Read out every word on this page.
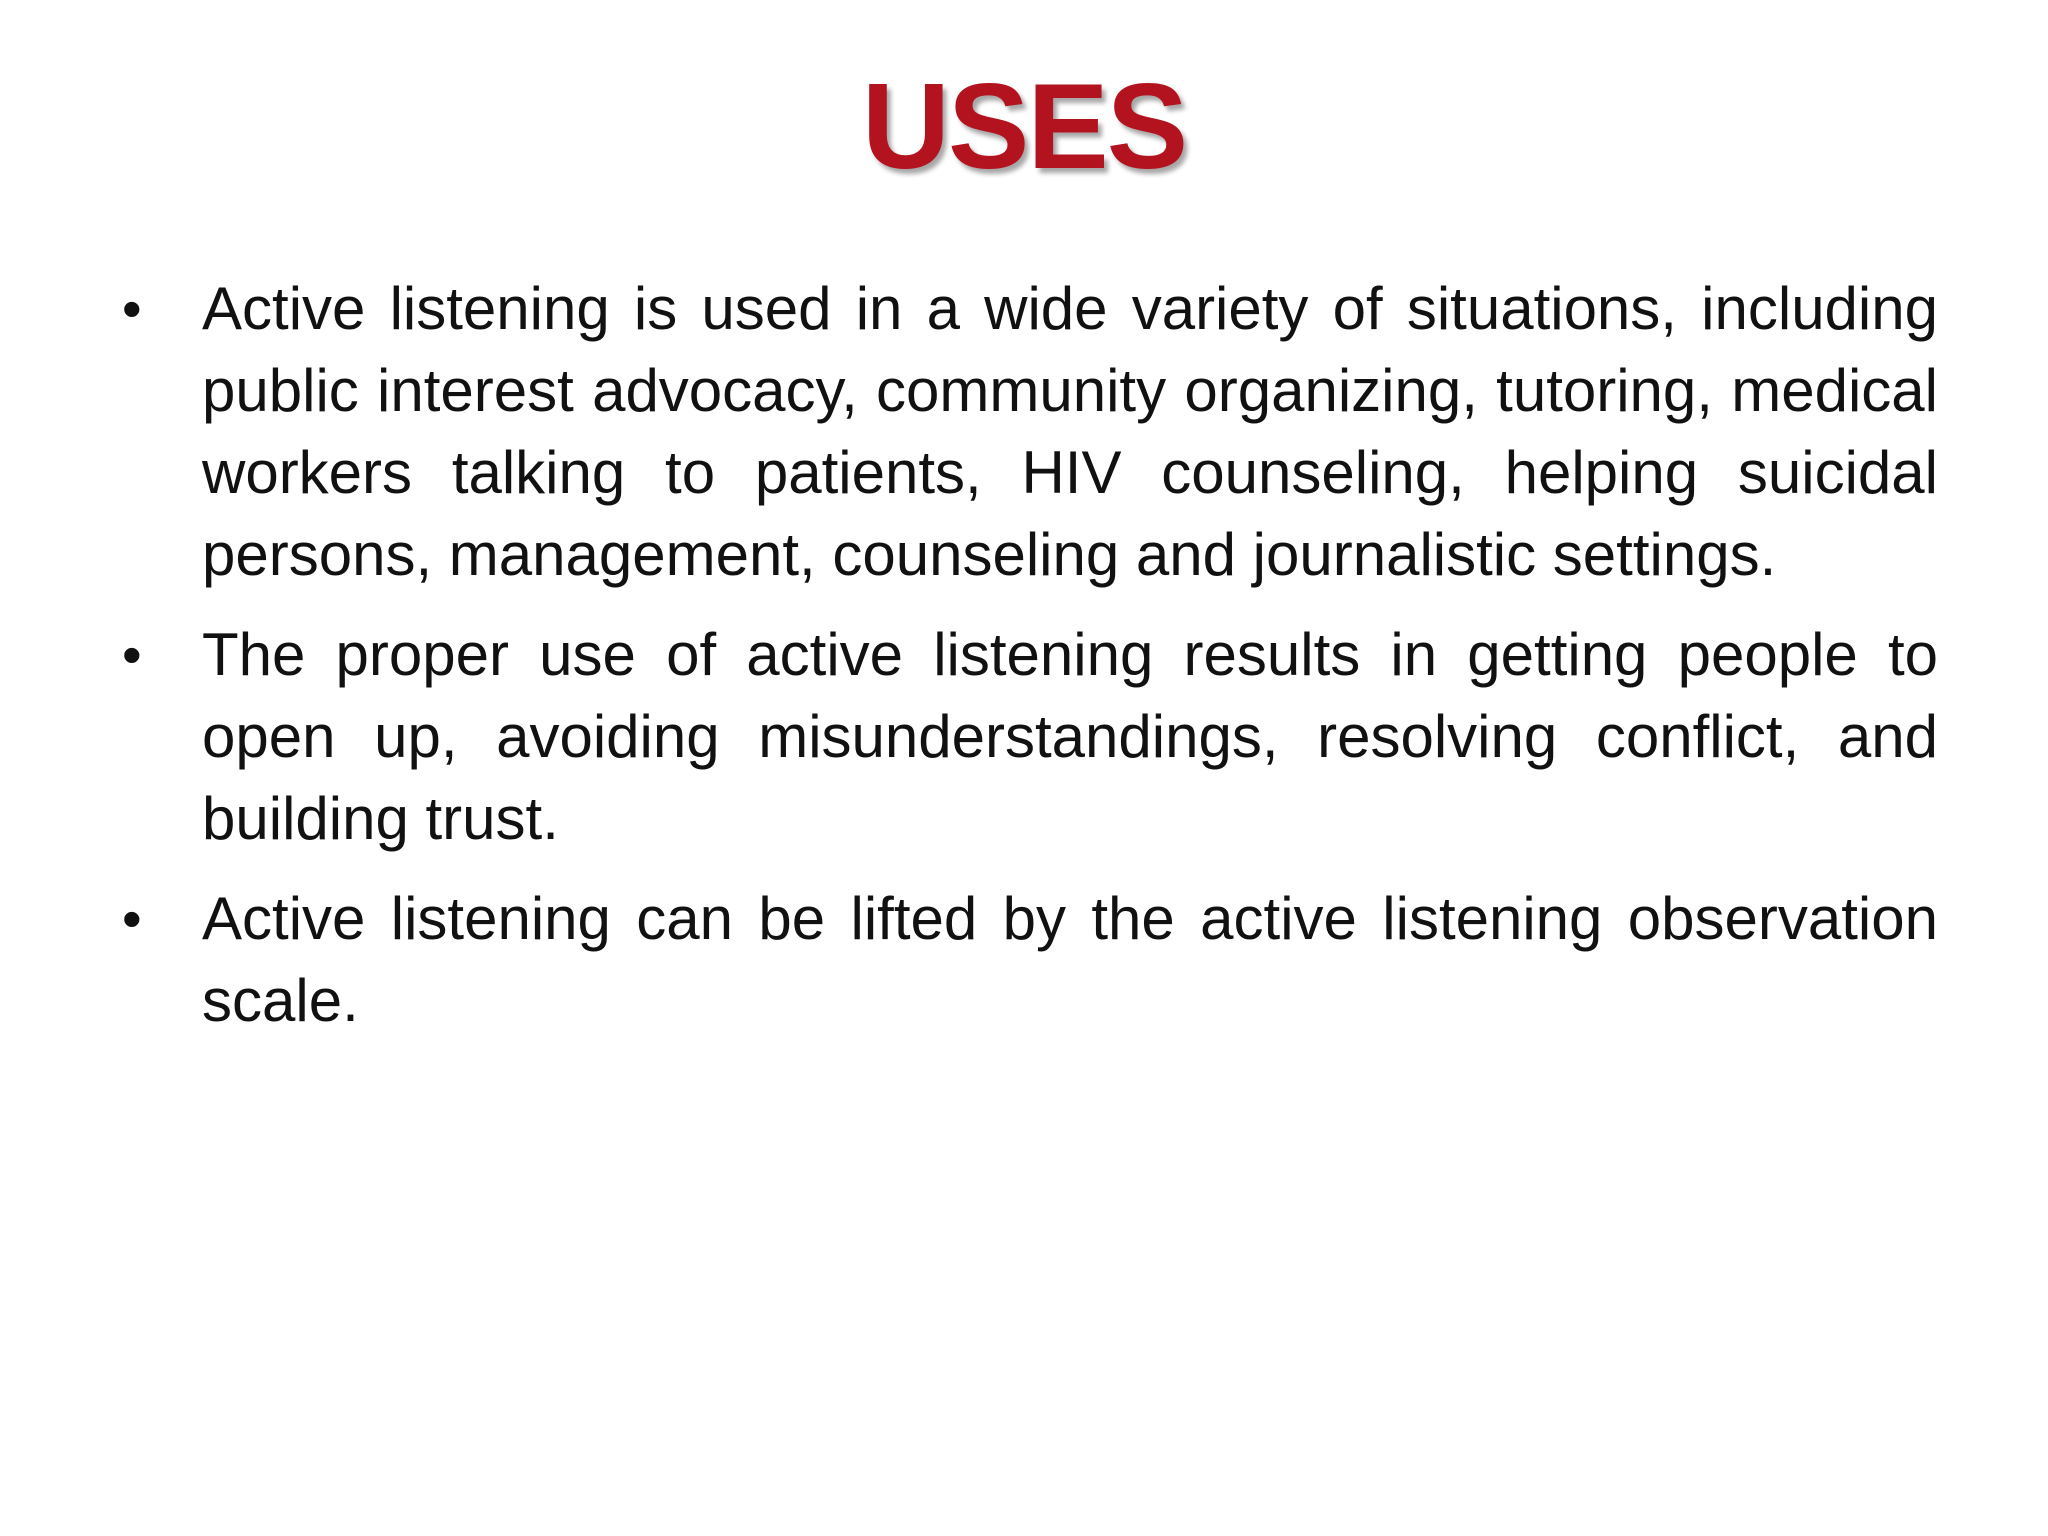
USES
•	Active listening is used in a wide variety of situations, including public interest advocacy, community organizing, tutoring, medical workers talking to patients, HIV counseling, helping suicidal persons, management, counseling and journalistic settings.

•	The proper use of active listening results in getting people to open up, avoiding misunderstandings, resolving conflict, and building trust.

•	Active listening can be lifted by the active listening observation scale.
